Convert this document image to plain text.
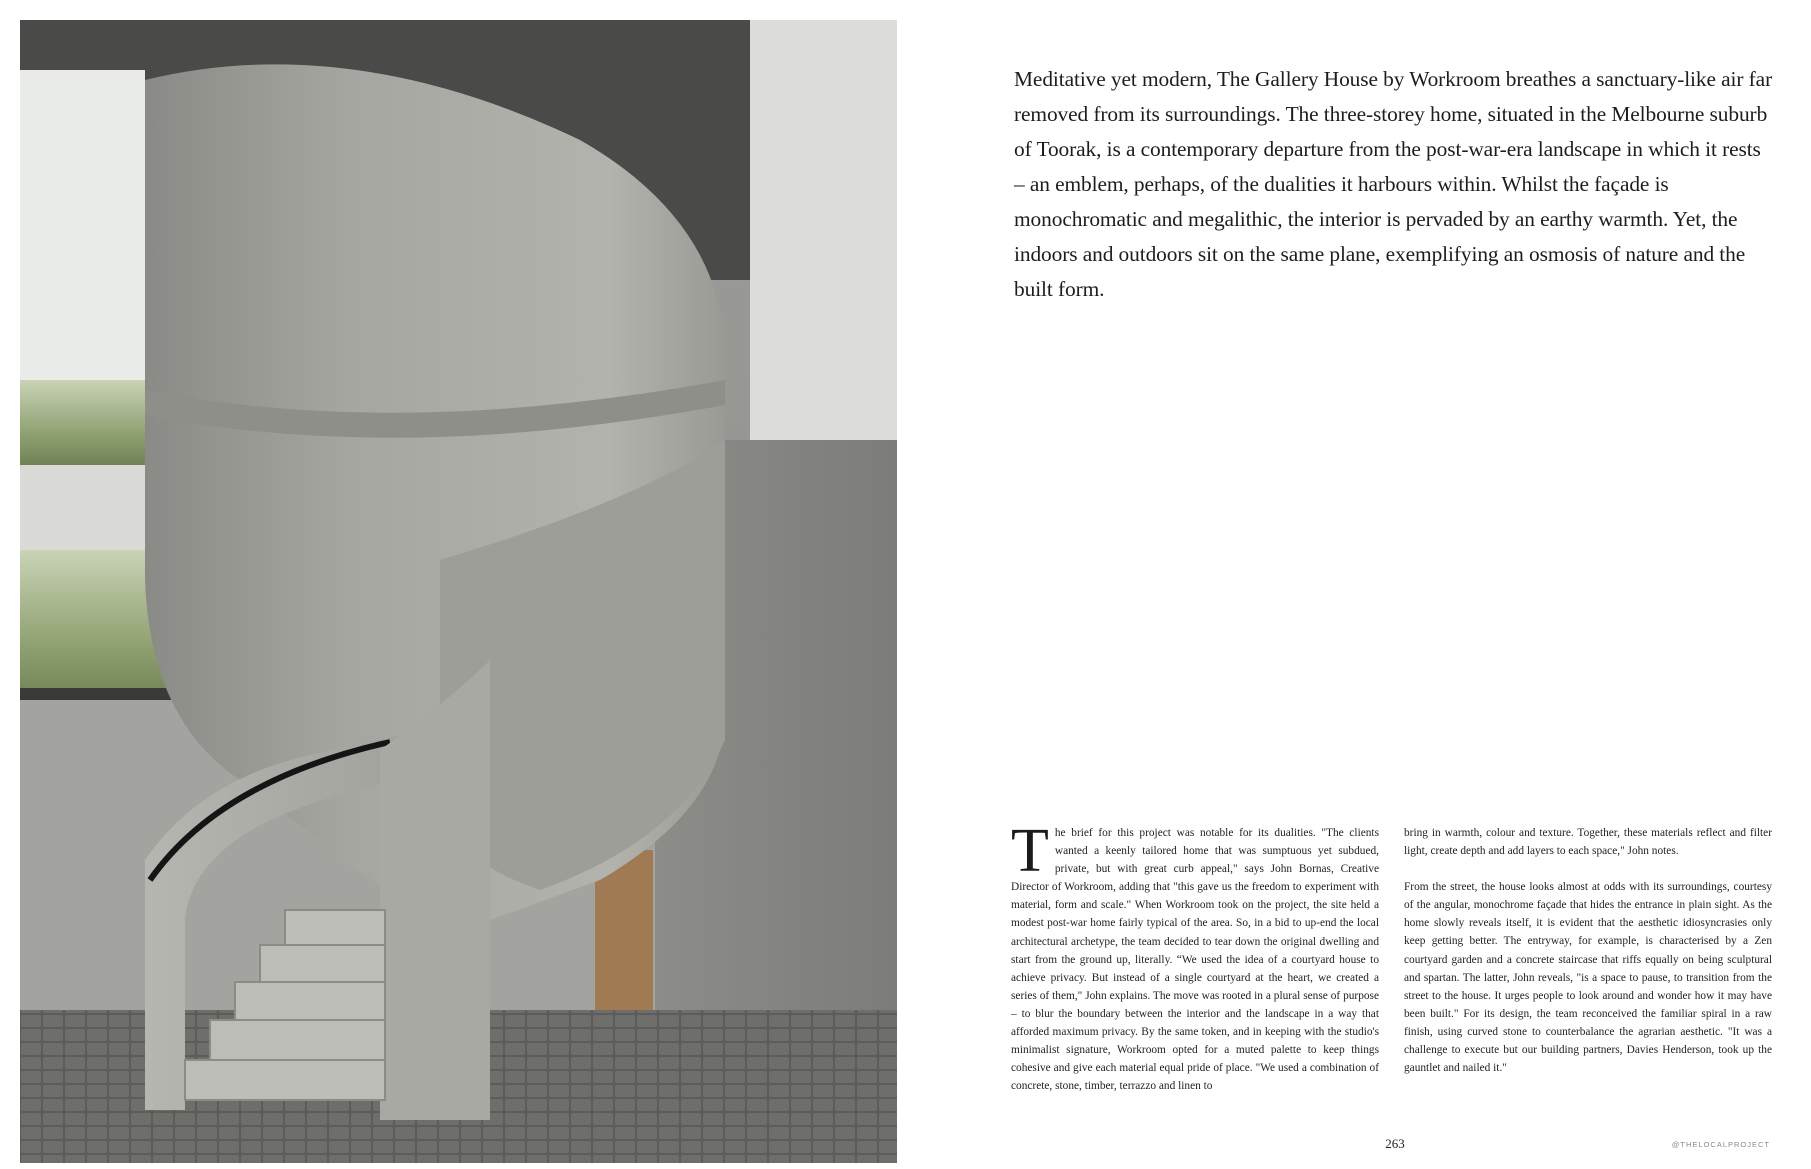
Meditative yet modern, The Gallery House by Workroom breathes a sanctuary-like air far removed from its surroundings. The three-storey home, situated in the Melbourne suburb of Toorak, is a contemporary departure from the post-war-era landscape in which it rests – an emblem, perhaps, of the dualities it harbours within. Whilst the façade is monochromatic and megalithic, the interior is pervaded by an earthy warmth. Yet, the indoors and outdoors sit on the same plane, exemplifying an osmosis of nature and the built form.

The brief for this project was notable for its dualities. "The clients wanted a keenly tailored home that was sumptuous yet subdued, private, but with great curb appeal," says John Bornas, Creative Director of Workroom, adding that "this gave us the freedom to experiment with material, form and scale." When Workroom took on the project, the site held a modest post-war home fairly typical of the area. So, in a bid to up-end the local architectural archetype, the team decided to tear down the original dwelling and start from the ground up, literally. “We used the idea of a courtyard house to achieve privacy. But instead of a single courtyard at the heart, we created a series of them," John explains. The move was rooted in a plural sense of purpose – to blur the boundary between the interior and the landscape in a way that afforded maximum privacy. By the same token, and in keeping with the studio's minimalist signature, Workroom opted for a muted palette to keep things cohesive and give each material equal pride of place. "We used a combination of concrete, stone, timber, terrazzo and linen to

bring in warmth, colour and texture. Together, these materials reflect and filter light, create depth and add layers to each space," John notes.

From the street, the house looks almost at odds with its surroundings, courtesy of the angular, monochrome façade that hides the entrance in plain sight. As the home slowly reveals itself, it is evident that the aesthetic idiosyncrasies only keep getting better. The entryway, for example, is characterised by a Zen courtyard garden and a concrete staircase that riffs equally on being sculptural and spartan. The latter, John reveals, "is a space to pause, to transition from the street to the house. It urges people to look around and wonder how it may have been built." For its design, the team reconceived the familiar spiral in a raw finish, using curved stone to counterbalance the agrarian aesthetic. "It was a challenge to execute but our building partners, Davies Henderson, took up the gauntlet and nailed it."

263	@THELOCALPROJECT
